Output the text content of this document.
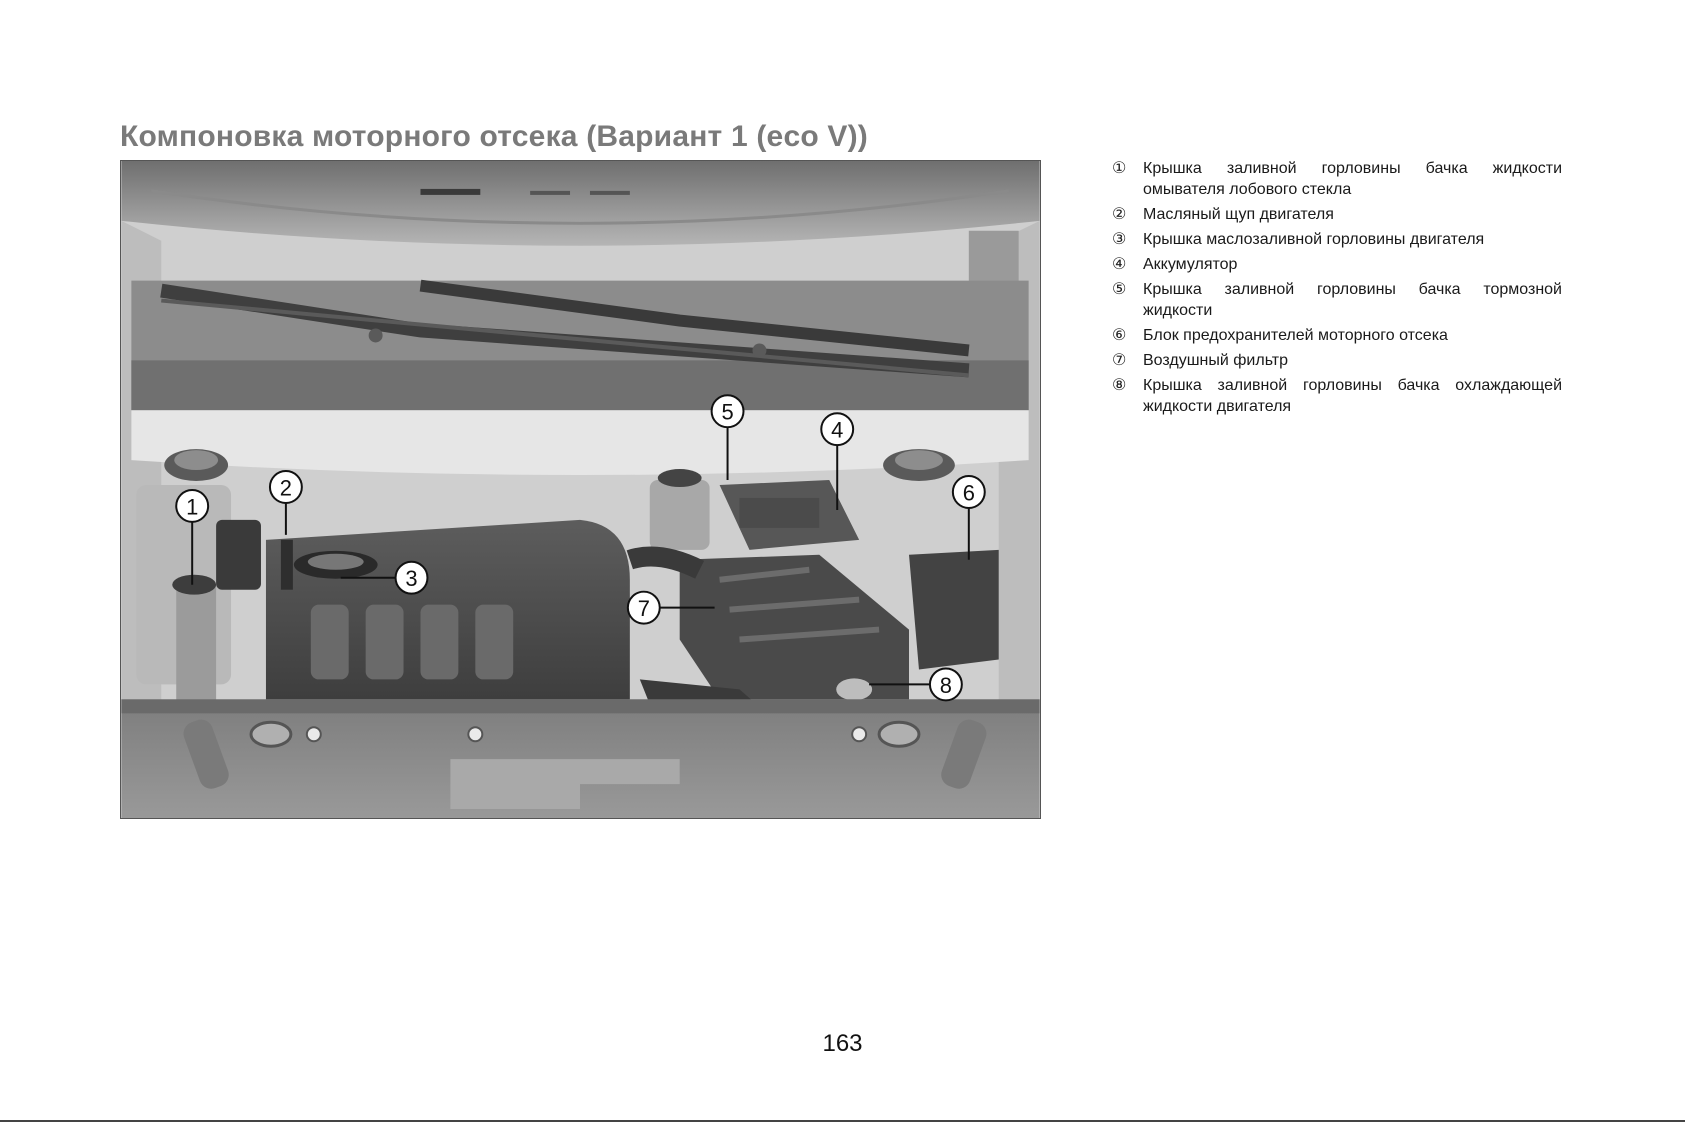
Компоновка моторного отсека (Вариант 1 (eco V))
1
2
3
4
5
6
7
8
①	Крышка заливной горловины бачка жидкости омывателя лобового стекла
②	Масляный щуп двигателя
③	Крышка маслозаливной горловины двигателя
④	Аккумулятор
⑤	Крышка заливной горловины бачка тормозной жидкости
⑥	Блок предохранителей моторного отсека
⑦	Воздушный фильтр
⑧	Крышка заливной горловины бачка охлаждающей жидкости двигателя
163
